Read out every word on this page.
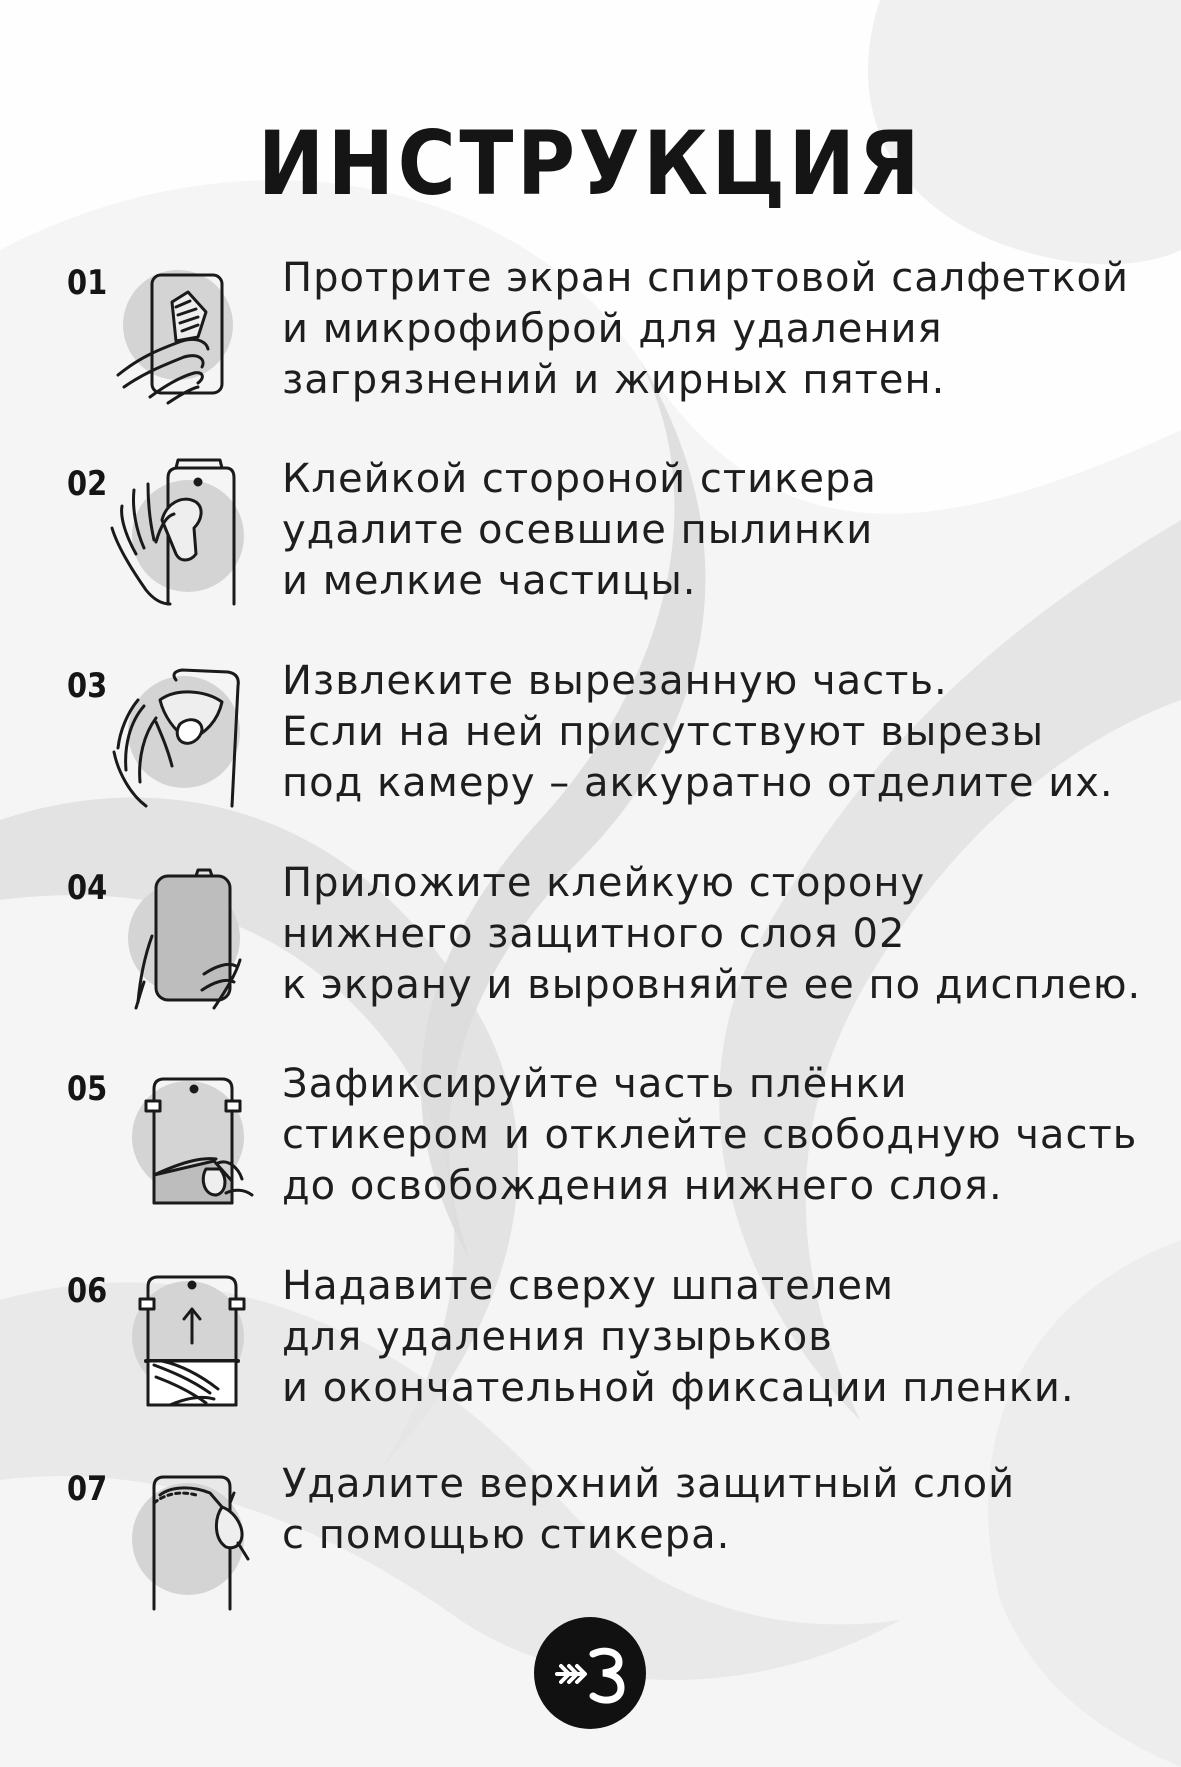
ИНСТРУКЦИЯ
01	Протрите экран спиртовой салфеткой
и микрофиброй для удаления
загрязнений и жирных пятен.
02	Клейкой стороной стикера
удалите осевшие пылинки
и мелкие частицы.
03	Извлеките вырезанную часть.
Если на ней присутствуют вырезы
под камеру – аккуратно отделите их.
04	Приложите клейкую сторону
нижнего защитного слоя 02
к экрану и выровняйте ее по дисплею.
05	Зафиксируйте часть плёнки
стикером и отклейте свободную часть
до освобождения нижнего слоя.
06	Надавите сверху шпателем
для удаления пузырьков
и окончательной фиксации пленки.
07	Удалите верхний защитный слой
с помощью стикера.
